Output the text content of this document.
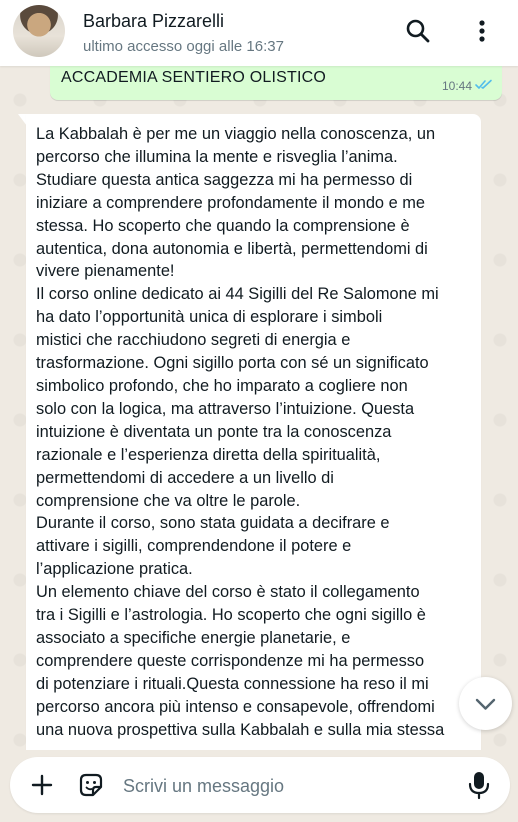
Barbara Pizzarelli
ultimo accesso oggi alle 16:37
ACCADEMIA SENTIERO OLISTICO	10:44
La Kabbalah è per me un viaggio nella conoscenza, un
percorso che illumina la mente e risveglia l’anima.
Studiare questa antica saggezza mi ha permesso di
iniziare a comprendere profondamente il mondo e me
stessa. Ho scoperto che quando la comprensione è
autentica, dona autonomia e libertà, permettendomi di
vivere pienamente!
Il corso online dedicato ai 44 Sigilli del Re Salomone mi
ha dato l’opportunità unica di esplorare i simboli
mistici che racchiudono segreti di energia e
trasformazione. Ogni sigillo porta con sé un significato
simbolico profondo, che ho imparato a cogliere non
solo con la logica, ma attraverso l’intuizione. Questa
intuizione è diventata un ponte tra la conoscenza
razionale e l’esperienza diretta della spiritualità,
permettendomi di accedere a un livello di
comprensione che va oltre le parole.
Durante il corso, sono stata guidata a decifrare e
attivare i sigilli, comprendendone il potere e
l’applicazione pratica.
Un elemento chiave del corso è stato il collegamento
tra i Sigilli e l’astrologia. Ho scoperto che ogni sigillo è
associato a specifiche energie planetarie, e
comprendere queste corrispondenze mi ha permesso
di potenziare i rituali.Questa connessione ha reso il mi
percorso ancora più intenso e consapevole, offrendomi
una nuova prospettiva sulla Kabbalah e sulla mia stessa
Scrivi un messaggio
